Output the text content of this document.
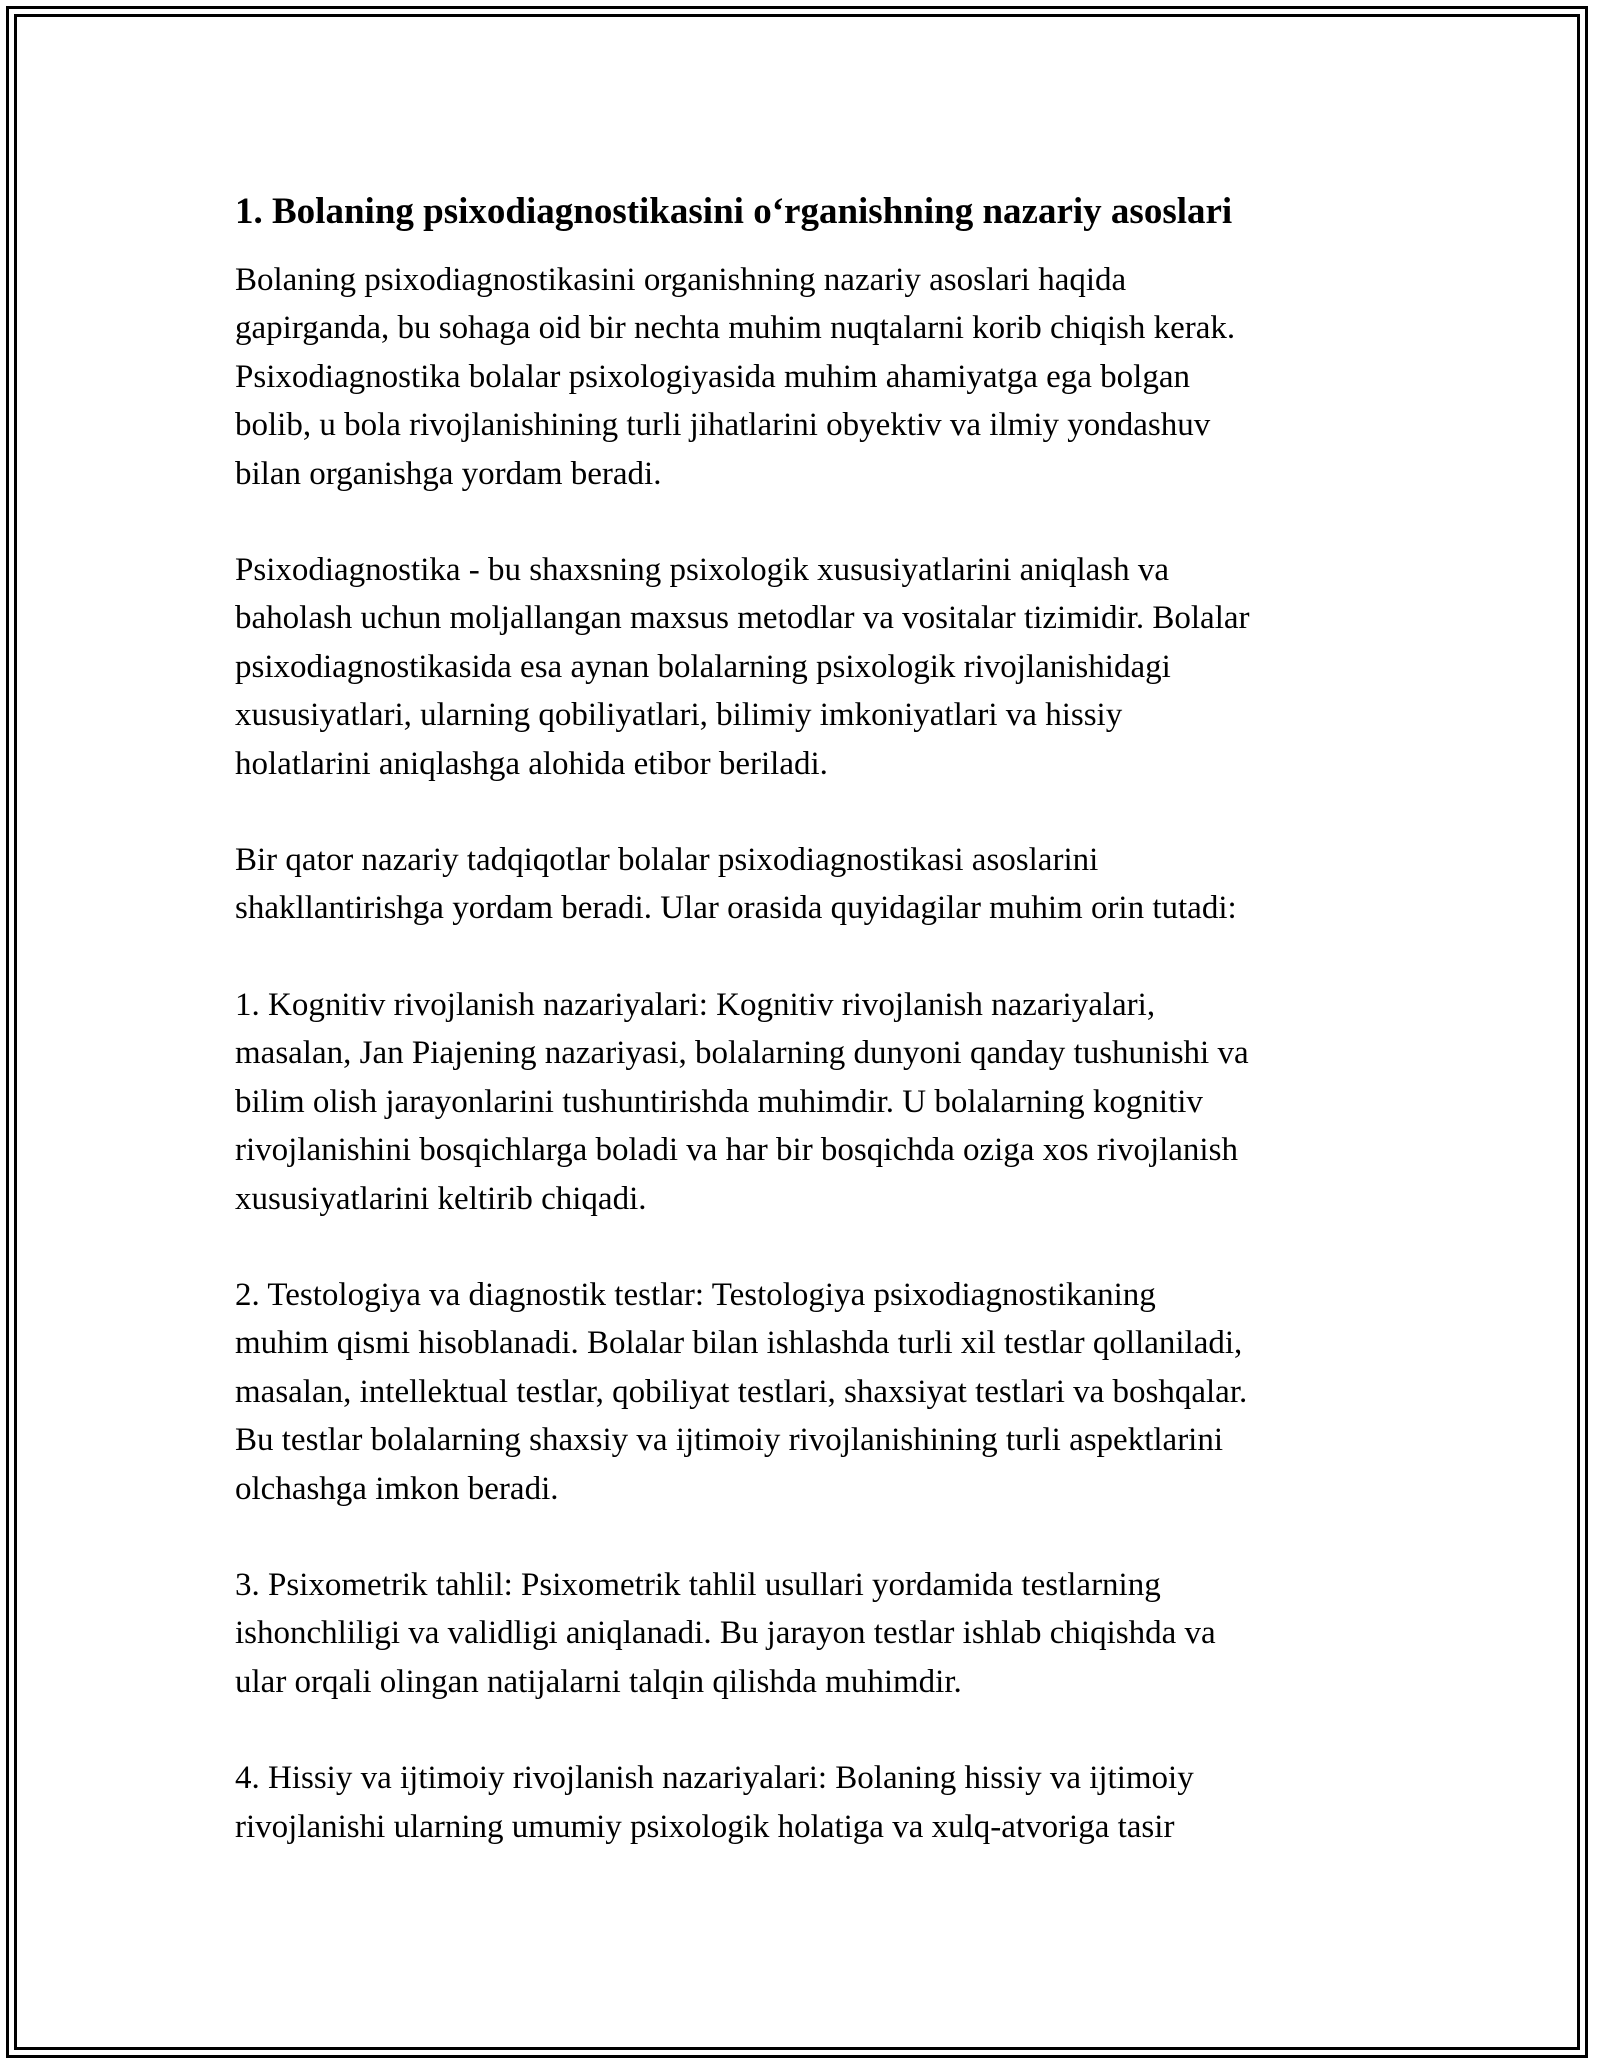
1. Bolaning psixodiagnostikasini o‘rganishning nazariy asoslari
Bolaning psixodiagnostikasini organishning nazariy asoslari haqida
gapirganda, bu sohaga oid bir nechta muhim nuqtalarni korib chiqish kerak.
Psixodiagnostika bolalar psixologiyasida muhim ahamiyatga ega bolgan
bolib, u bola rivojlanishining turli jihatlarini obyektiv va ilmiy yondashuv
bilan organishga yordam beradi.
Psixodiagnostika - bu shaxsning psixologik xususiyatlarini aniqlash va
baholash uchun moljallangan maxsus metodlar va vositalar tizimidir. Bolalar
psixodiagnostikasida esa aynan bolalarning psixologik rivojlanishidagi
xususiyatlari, ularning qobiliyatlari, bilimiy imkoniyatlari va hissiy
holatlarini aniqlashga alohida etibor beriladi.
Bir qator nazariy tadqiqotlar bolalar psixodiagnostikasi asoslarini
shakllantirishga yordam beradi. Ular orasida quyidagilar muhim orin tutadi:
1. Kognitiv rivojlanish nazariyalari: Kognitiv rivojlanish nazariyalari,
masalan, Jan Piajening nazariyasi, bolalarning dunyoni qanday tushunishi va
bilim olish jarayonlarini tushuntirishda muhimdir. U bolalarning kognitiv
rivojlanishini bosqichlarga boladi va har bir bosqichda oziga xos rivojlanish
xususiyatlarini keltirib chiqadi.
2. Testologiya va diagnostik testlar: Testologiya psixodiagnostikaning
muhim qismi hisoblanadi. Bolalar bilan ishlashda turli xil testlar qollaniladi,
masalan, intellektual testlar, qobiliyat testlari, shaxsiyat testlari va boshqalar.
Bu testlar bolalarning shaxsiy va ijtimoiy rivojlanishining turli aspektlarini
olchashga imkon beradi.
3. Psixometrik tahlil: Psixometrik tahlil usullari yordamida testlarning
ishonchliligi va validligi aniqlanadi. Bu jarayon testlar ishlab chiqishda va
ular orqali olingan natijalarni talqin qilishda muhimdir.
4. Hissiy va ijtimoiy rivojlanish nazariyalari: Bolaning hissiy va ijtimoiy
rivojlanishi ularning umumiy psixologik holatiga va xulq-atvoriga tasir
